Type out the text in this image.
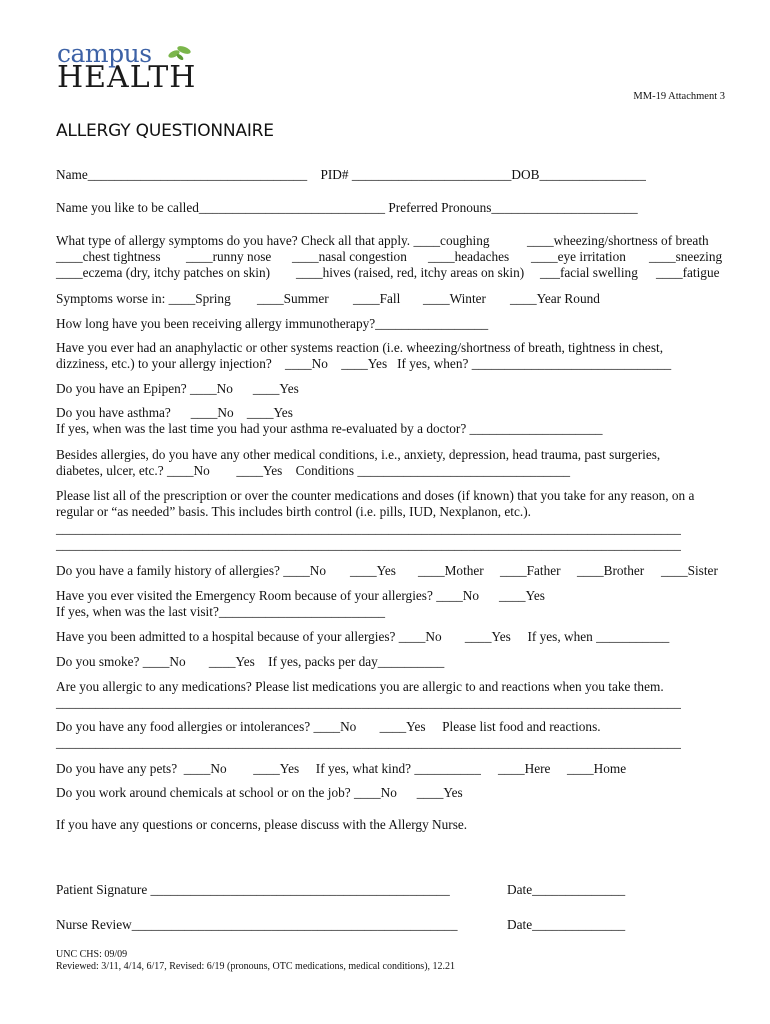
campus
HEALTH
MM-19 Attachment 3
ALLERGY QUESTIONNAIRE
Name_________________________________    PID# ________________________DOB________________
Name you like to be called____________________________ Preferred Pronouns______________________
What type of allergy symptoms do you have? Check all that apply. ____coughing	____wheezing/shortness of breath
____chest tightness ____runny nose ____nasal congestion ____headaches ____eye irritation ____sneezing
____eczema (dry, itchy patches on skin) ____hives (raised, red, itchy areas on skin) ___facial swelling ____fatigue
Symptoms worse in: ____Spring ____Summer ____Fall ____Winter ____Year Round
How long have you been receiving allergy immunotherapy?_________________
Have you ever had an anaphylactic or other systems reaction (i.e. wheezing/shortness of breath, tightness in chest,
dizziness, etc.) to your allergy injection?    ____No    ____Yes   If yes, when? ______________________________
Do you have an Epipen? ____No      ____Yes
Do you have asthma?      ____No    ____Yes
If yes, when was the last time you had your asthma re-evaluated by a doctor? ____________________
Besides allergies, do you have any other medical conditions, i.e., anxiety, depression, head trauma, past surgeries,
diabetes, ulcer, etc.? ____No        ____Yes    Conditions ________________________________
Please list all of the prescription or over the counter medications and doses (if known) that you take for any reason, on a
regular or “as needed” basis. This includes birth control (i.e. pills, IUD, Nexplanon, etc.).
______________________________________________________________________________________________
______________________________________________________________________________________________
Do you have a family history of allergies? ____No ____Yes ____Mother ____Father ____Brother ____Sister
Have you ever visited the Emergency Room because of your allergies? ____No      ____Yes
If yes, when was the last visit?_________________________
Have you been admitted to a hospital because of your allergies? ____No       ____Yes     If yes, when ___________
Do you smoke? ____No       ____Yes    If yes, packs per day__________
Are you allergic to any medications? Please list medications you are allergic to and reactions when you take them.
______________________________________________________________________________________________
Do you have any food allergies or intolerances? ____No       ____Yes     Please list food and reactions.
______________________________________________________________________________________________
Do you have any pets?  ____No        ____Yes     If yes, what kind? __________ ____Here ____Home
Do you work around chemicals at school or on the job? ____No      ____Yes
If you have any questions or concerns, please discuss with the Allergy Nurse.
Patient Signature _____________________________________________	Date______________
Nurse Review_________________________________________________	Date______________
UNC CHS: 09/09
Reviewed: 3/11, 4/14, 6/17, Revised: 6/19 (pronouns, OTC medications, medical conditions), 12.21
